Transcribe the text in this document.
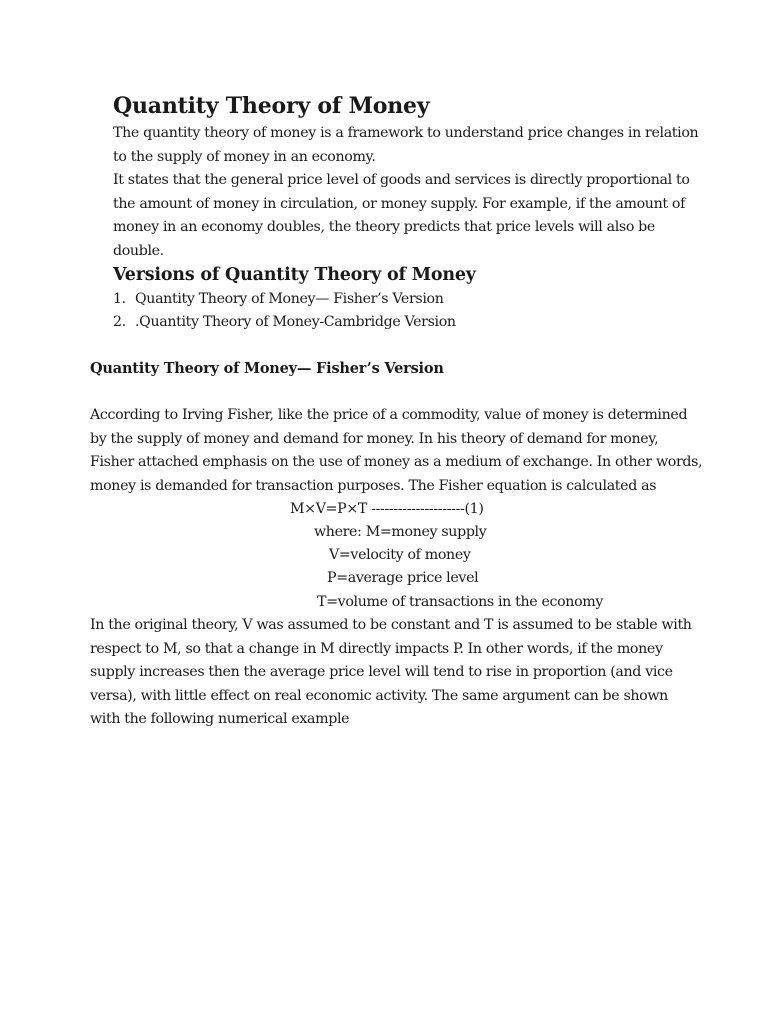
Quantity Theory of Money
The quantity theory of money is a framework to understand price changes in relation
to the supply of money in an economy.
It states that the general price level of goods and services is directly proportional to
the amount of money in circulation, or money supply. For example, if the amount of
money in an economy doubles, the theory predicts that price levels will also be
double.
Versions of Quantity Theory of Money
1. Quantity Theory of Money— Fisher’s Version
2. .Quantity Theory of Money-Cambridge Version
Quantity Theory of Money— Fisher’s Version
According to Irving Fisher, like the price of a commodity, value of money is determined
by the supply of money and demand for money. In his theory of demand for money,
Fisher attached emphasis on the use of money as a medium of exchange. In other words,
money is demanded for transaction purposes. The Fisher equation is calculated as
M×V=P×T ---------------------(1)
where: M=money supply
V=velocity of money
P=average price level
T=volume of transactions in the economy
In the original theory, V was assumed to be constant and T is assumed to be stable with
respect to M, so that a change in M directly impacts P. In other words, if the money
supply increases then the average price level will tend to rise in proportion (and vice
versa), with little effect on real economic activity. The same argument can be shown
with the following numerical example
